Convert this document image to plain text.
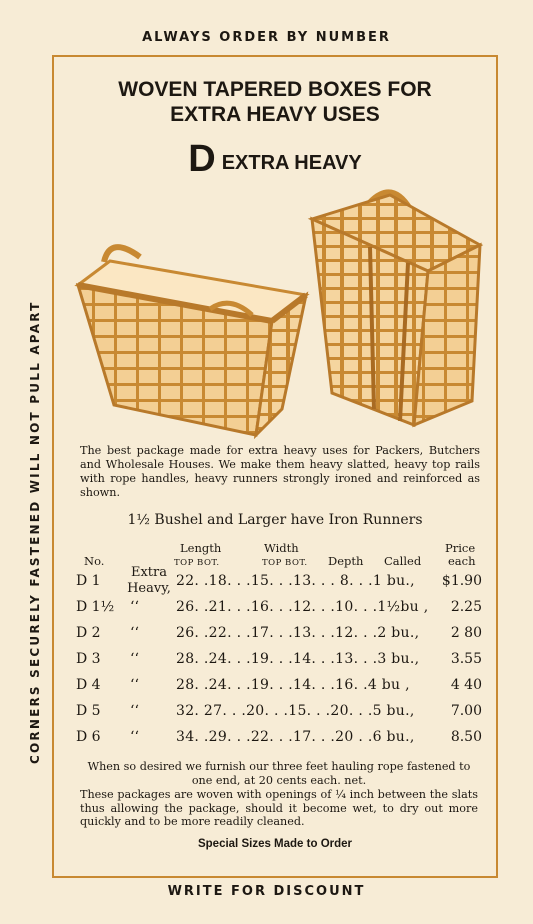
ALWAYS ORDER BY NUMBER
CORNERS SECURELY FASTENED WILL NOT PULL APART
WOVEN TAPERED BOXES FOR
EXTRA HEAVY USES
DEXTRA HEAVY
The best package made for extra heavy uses for Packers, Butchers and Wholesale Houses. We make them heavy slatted, heavy top rails with rope handles, heavy runners strongly ironed and reinforced as shown.
1½ Bushel and Larger have Iron Runners
No.
Length	Width
TOP BOT.	TOP BOT. Depth Called
Price
each
Extra Heavy,
D 1	22. .18. . .15. . .13. . . 8. . .1 bu., $1.90
D 1½ ‘‘	26. .21. . .16. . .12. . .10. . .1½bu , 2.25
D 2 ‘‘	26. .22. . .17. . .13. . .12. . .2 bu., 2 80
D 3 ‘‘	28. .24. . .19. . .14. . .13. . .3 bu., 3.55
D 4 ‘‘	28. .24. . .19. . .14. . .16. .4 bu ,	4 40
D 5 ‘‘	32. 27. . .20. . .15. . .20. . .5 bu.,	7.00
D 6 ‘‘	34. .29. . .22. . .17. . .20 . .6 bu.,	8.50
When so desired we furnish our three feet hauling rope fastened to one end, at 20 cents each. net.
These packages are woven with openings of ¼ inch between the slats thus allowing the package, should it become wet, to dry out more quickly and to be more readily cleaned.
Special Sizes Made to Order
WRITE FOR DISCOUNT
